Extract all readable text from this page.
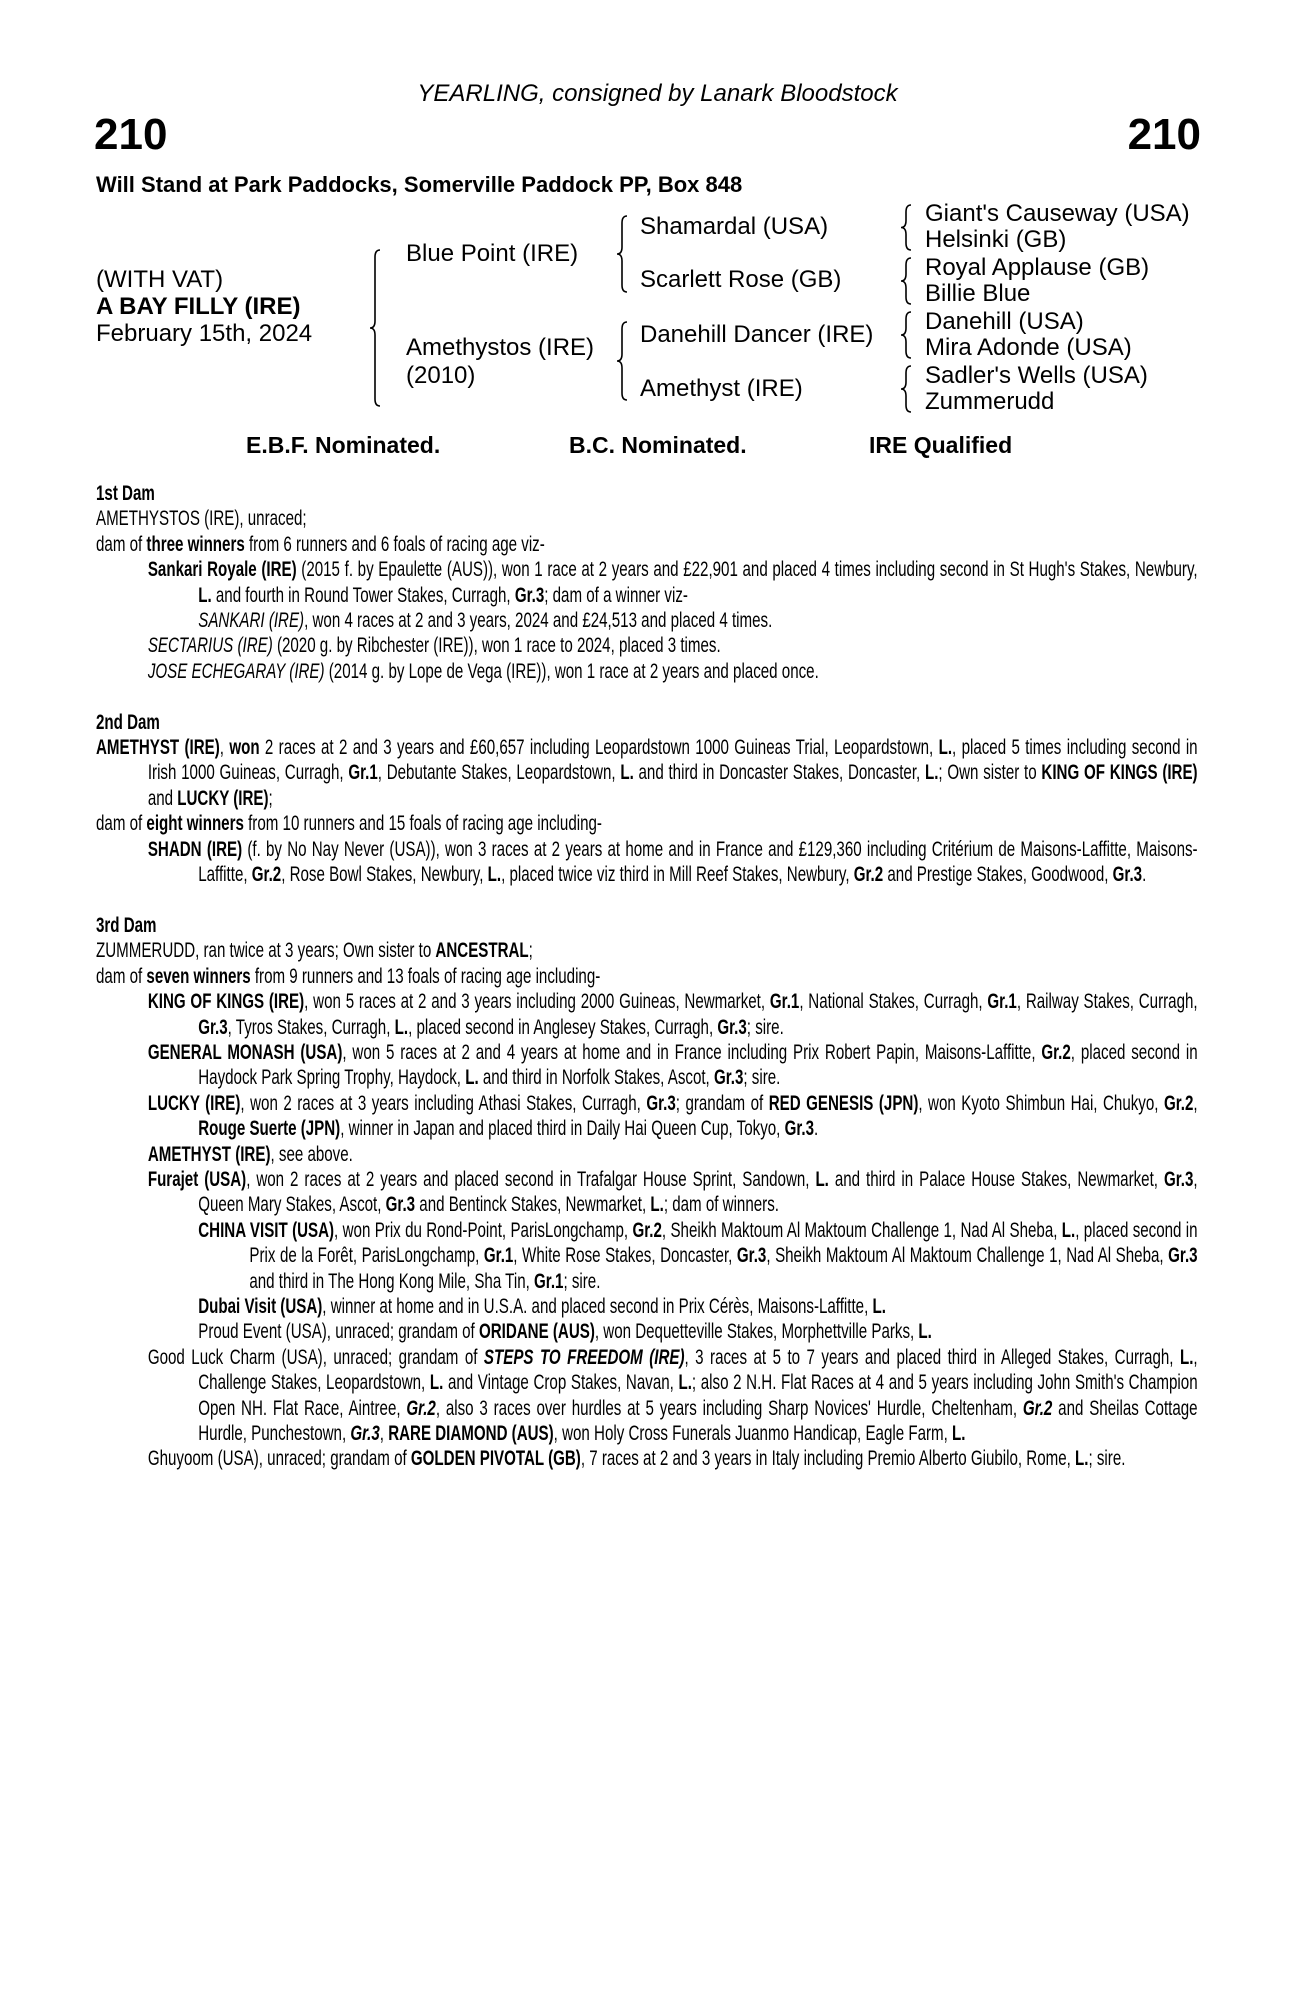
YEARLING, consigned by Lanark Bloodstock
210	210
Will Stand at Park Paddocks, Somerville Paddock PP, Box 848
(WITH VAT)
A BAY FILLY (IRE)
February 15th, 2024
Blue Point (IRE)
Amethystos (IRE)
(2010)
Shamardal (USA)
Scarlett Rose (GB)
Danehill Dancer (IRE)
Amethyst (IRE)
Giant's Causeway (USA)
Helsinki (GB)
Royal Applause (GB)
Billie Blue
Danehill (USA)
Mira Adonde (USA)
Sadler's Wells (USA)
Zummerudd
E.B.F. Nominated.	B.C. Nominated.	IRE Qualified
1st Dam
AMETHYSTOS (IRE), unraced;
dam of three winners from 6 runners and 6 foals of racing age viz-
Sankari Royale (IRE) (2015 f. by Epaulette (AUS)), won 1 race at 2 years and £22,901 and placed 4 times including second in St Hugh's Stakes, Newbury, L. and fourth in Round Tower Stakes, Curragh, Gr.3; dam of a winner viz-
SANKARI (IRE), won 4 races at 2 and 3 years, 2024 and £24,513 and placed 4 times.
SECTARIUS (IRE) (2020 g. by Ribchester (IRE)), won 1 race to 2024, placed 3 times.
JOSE ECHEGARAY (IRE) (2014 g. by Lope de Vega (IRE)), won 1 race at 2 years and placed once.
2nd Dam
AMETHYST (IRE), won 2 races at 2 and 3 years and £60,657 including Leopardstown 1000 Guineas Trial, Leopardstown, L., placed 5 times including second in Irish 1000 Guineas, Curragh, Gr.1, Debutante Stakes, Leopardstown, L. and third in Doncaster Stakes, Doncaster, L.; Own sister to KING OF KINGS (IRE) and LUCKY (IRE);
dam of eight winners from 10 runners and 15 foals of racing age including-
SHADN (IRE) (f. by No Nay Never (USA)), won 3 races at 2 years at home and in France and £129,360 including Critérium de Maisons-Laffitte, Maisons-Laffitte, Gr.2, Rose Bowl Stakes, Newbury, L., placed twice viz third in Mill Reef Stakes, Newbury, Gr.2 and Prestige Stakes, Goodwood, Gr.3.
3rd Dam
ZUMMERUDD, ran twice at 3 years; Own sister to ANCESTRAL;
dam of seven winners from 9 runners and 13 foals of racing age including-
KING OF KINGS (IRE), won 5 races at 2 and 3 years including 2000 Guineas, Newmarket, Gr.1, National Stakes, Curragh, Gr.1, Railway Stakes, Curragh, Gr.3, Tyros Stakes, Curragh, L., placed second in Anglesey Stakes, Curragh, Gr.3; sire.
GENERAL MONASH (USA), won 5 races at 2 and 4 years at home and in France including Prix Robert Papin, Maisons-Laffitte, Gr.2, placed second in Haydock Park Spring Trophy, Haydock, L. and third in Norfolk Stakes, Ascot, Gr.3; sire.
LUCKY (IRE), won 2 races at 3 years including Athasi Stakes, Curragh, Gr.3; grandam of RED GENESIS (JPN), won Kyoto Shimbun Hai, Chukyo, Gr.2, Rouge Suerte (JPN), winner in Japan and placed third in Daily Hai Queen Cup, Tokyo, Gr.3.
AMETHYST (IRE), see above.
Furajet (USA), won 2 races at 2 years and placed second in Trafalgar House Sprint, Sandown, L. and third in Palace House Stakes, Newmarket, Gr.3, Queen Mary Stakes, Ascot, Gr.3 and Bentinck Stakes, Newmarket, L.; dam of winners.
CHINA VISIT (USA), won Prix du Rond-Point, ParisLongchamp, Gr.2, Sheikh Maktoum Al Maktoum Challenge 1, Nad Al Sheba, L., placed second in Prix de la Forêt, ParisLongchamp, Gr.1, White Rose Stakes, Doncaster, Gr.3, Sheikh Maktoum Al Maktoum Challenge 1, Nad Al Sheba, Gr.3 and third in The Hong Kong Mile, Sha Tin, Gr.1; sire.
Dubai Visit (USA), winner at home and in U.S.A. and placed second in Prix Cérès, Maisons-Laffitte, L.
Proud Event (USA), unraced; grandam of ORIDANE (AUS), won Dequetteville Stakes, Morphettville Parks, L.
Good Luck Charm (USA), unraced; grandam of STEPS TO FREEDOM (IRE), 3 races at 5 to 7 years and placed third in Alleged Stakes, Curragh, L., Challenge Stakes, Leopardstown, L. and Vintage Crop Stakes, Navan, L.; also 2 N.H. Flat Races at 4 and 5 years including John Smith's Champion Open NH. Flat Race, Aintree, Gr.2, also 3 races over hurdles at 5 years including Sharp Novices' Hurdle, Cheltenham, Gr.2 and Sheilas Cottage Hurdle, Punchestown, Gr.3, RARE DIAMOND (AUS), won Holy Cross Funerals Juanmo Handicap, Eagle Farm, L.
Ghuyoom (USA), unraced; grandam of GOLDEN PIVOTAL (GB), 7 races at 2 and 3 years in Italy including Premio Alberto Giubilo, Rome, L.; sire.
